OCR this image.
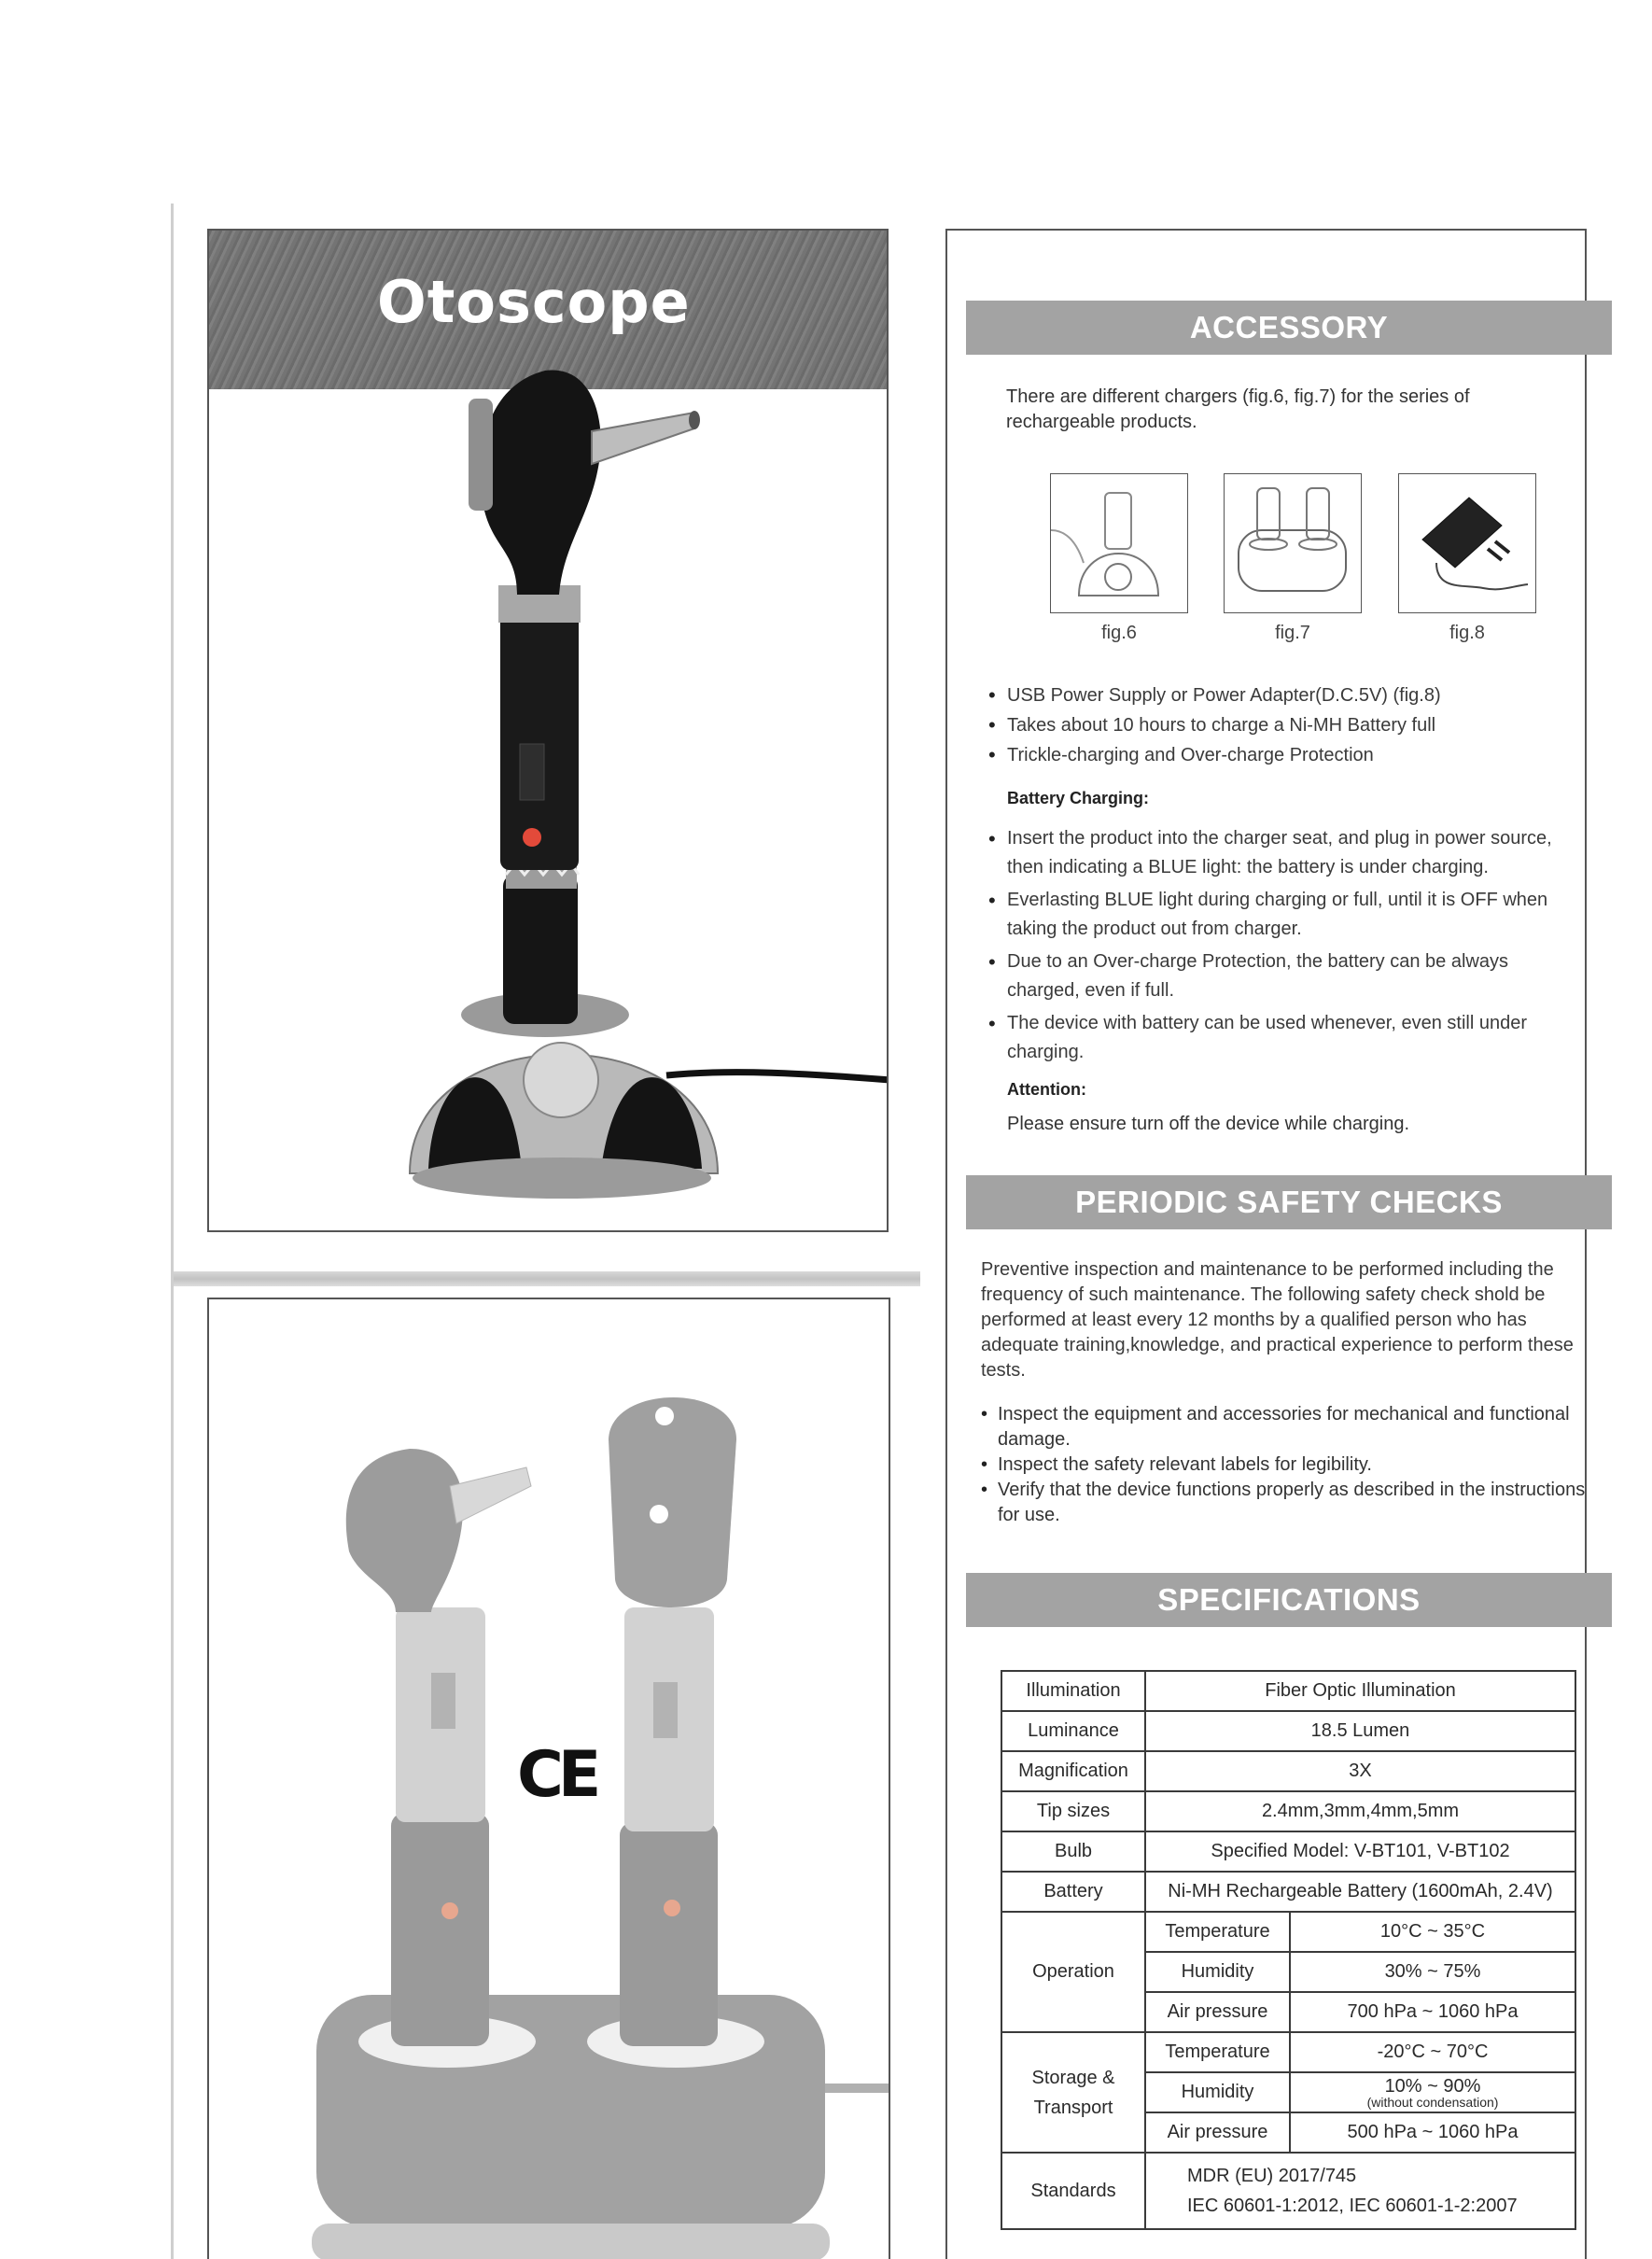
Otoscope
CE
ACCESSORY
There are different chargers (fig.6, fig.7) for the series of rechargeable products.
fig.6	fig.7	fig.8
• USB Power Supply or Power Adapter(D.C.5V) (fig.8)
• Takes about 10 hours to charge a Ni-MH Battery full
• Trickle-charging and Over-charge Protection
Battery Charging:
• Insert the product into the charger seat, and plug in power source, then indicating a BLUE light: the battery is under charging.
• Everlasting BLUE light during charging or full, until it is OFF when taking the product out from charger.
• Due to an Over-charge Protection, the battery can be always charged, even if full.
• The device with battery can be used whenever, even still under charging.
Attention:
Please ensure turn off the device while charging.
PERIODIC SAFETY CHECKS
Preventive inspection and maintenance to be performed including the frequency of such maintenance. The following safety check shold be performed at least every 12 months by a qualified person who has adequate training,knowledge, and practical experience to perform these tests.
• Inspect the equipment and accessories for mechanical and functional damage.
• Inspect the safety relevant labels for legibility.
• Verify that the device functions properly as described in the instructions for use.
SPECIFICATIONS
Illumination	Fiber Optic Illumination	
Luminance	18.5 Lumen	
Magnification	3X	
Tip sizes	2.4mm,3mm,4mm,5mm	
Bulb	Specified Model: V-BT101, V-BT102	
Battery	Ni-MH Rechargeable Battery (1600mAh, 2.4V)	
Operation	Temperature	10°C ~ 35°C
	Humidity	30% ~ 75%
	Air pressure	700 hPa ~ 1060 hPa
Storage &
Transport	Temperature	-20°C ~ 70°C
	Humidity	10% ~ 90%
(without condensation)

	Air pressure	500 hPa ~ 1060 hPa
Standards	MDR (EU) 2017/745
IEC 60601-1:2012, IEC 60601-1-2:2007	
